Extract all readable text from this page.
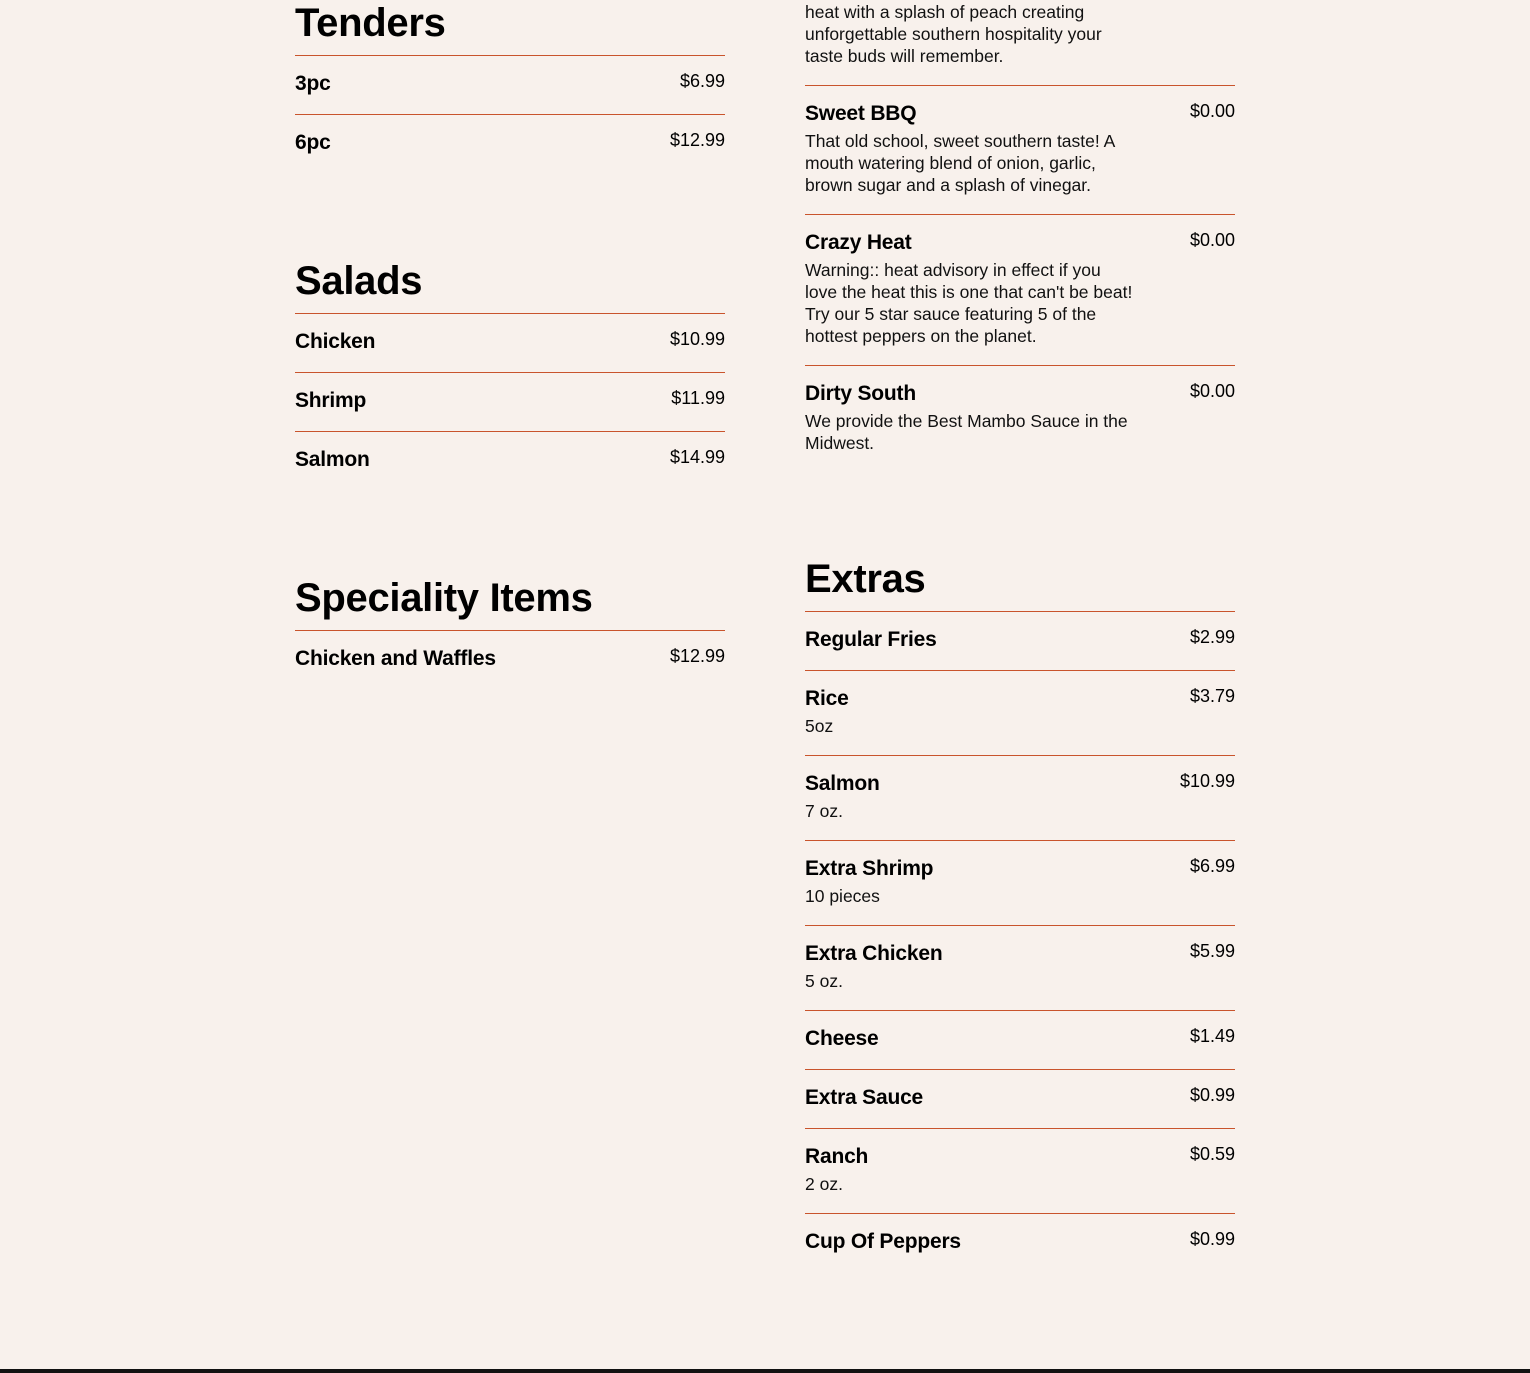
Tenders
3pc	$6.99
6pc	$12.99
Salads
Chicken	$10.99
Shrimp	$11.99
Salmon	$14.99
Speciality Items
Chicken and Waffles	$12.99
heat with a splash of peach creating unforgettable southern hospitality your taste buds will remember.
Sweet BBQ	$0.00
That old school, sweet southern taste! A mouth watering blend of onion, garlic, brown sugar and a splash of vinegar.
Crazy Heat	$0.00
Warning:: heat advisory in effect if you love the heat this is one that can't be beat! Try our 5 star sauce featuring 5 of the hottest peppers on the planet.
Dirty South	$0.00
We provide the Best Mambo Sauce in the Midwest.
Extras
Regular Fries	$2.99
Rice	$3.79
5oz
Salmon	$10.99
7 oz.
Extra Shrimp	$6.99
10 pieces
Extra Chicken	$5.99
5 oz.
Cheese	$1.49
Extra Sauce	$0.99
Ranch	$0.59
2 oz.
Cup Of Peppers	$0.99
